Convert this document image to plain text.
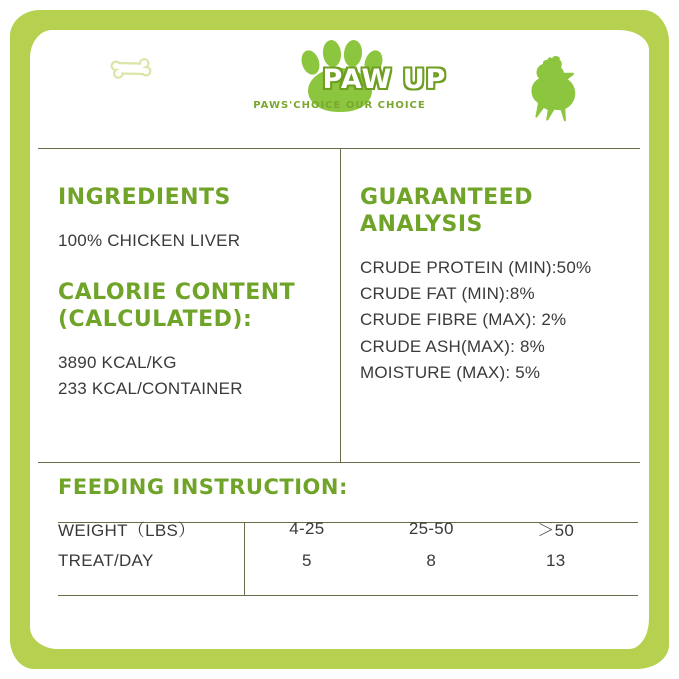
PAW UP
PAWS'CHOICE OUR CHOICE
INGREDIENTS
100% CHICKEN LIVER
CALORIE CONTENT
(CALCULATED):
3890 KCAL/KG
233 KCAL/CONTAINER
GUARANTEED
ANALYSIS
CRUDE PROTEIN (MIN):50%
CRUDE FAT (MIN):8%
CRUDE FIBRE (MAX): 2%
CRUDE ASH(MAX): 8%
MOISTURE (MAX): 5%
FEEDING INSTRUCTION:
WEIGHT（LBS）	4-25	25-50	＞50
TREAT/DAY	5	8	13
